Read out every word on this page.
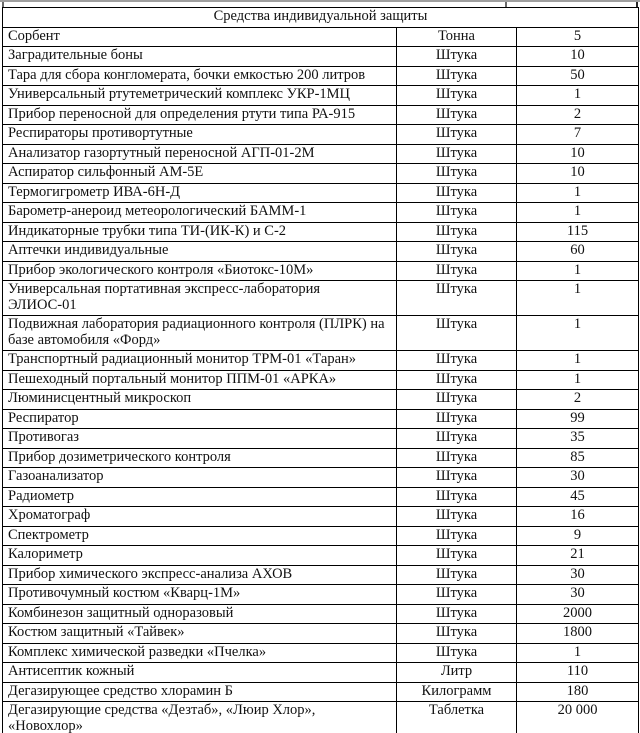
Средства индивидуальной защиты		
Сорбент	Тонна	5
Заградительные боны	Штука	10
Тара для сбора конгломерата, бочки емкостью 200 литров	Штука	50
Универсальный ртутеметрический комплекс УКР-1МЦ	Штука	1
Прибор переносной для определения ртути типа РА-915	Штука	2
Респираторы противортутные	Штука	7
Анализатор газортутный переносной АГП-01-2М	Штука	10
Аспиратор сильфонный АМ-5Е	Штука	10
Термогигрометр ИВА-6Н-Д	Штука	1
Барометр-анероид метеорологический БАММ-1	Штука	1
Индикаторные трубки типа ТИ-(ИК-К) и С-2	Штука	115
Аптечки индивидуальные	Штука	60
Прибор экологического контроля «Биотокс-10М»	Штука	1
Универсальная портативная экспресс-лаборатория ЭЛИОС-01	Штука	1
Подвижная лаборатория радиационного контроля (ПЛРК) на базе автомобиля «Форд»	Штука	1
Транспортный радиационный монитор ТРМ-01 «Таран»	Штука	1
Пешеходный портальный монитор ППМ-01 «АРКА»	Штука	1
Люминисцентный микроскоп	Штука	2
Респиратор	Штука	99
Противогаз	Штука	35
Прибор дозиметрического контроля	Штука	85
Газоанализатор	Штука	30
Радиометр	Штука	45
Хроматограф	Штука	16
Спектрометр	Штука	9
Калориметр	Штука	21
Прибор химического экспресс-анализа АХОВ	Штука	30
Противочумный костюм «Кварц-1М»	Штука	30
Комбинезон защитный одноразовый	Штука	2000
Костюм защитный «Тайвек»	Штука	1800
Комплекс химической разведки «Пчелка»	Штука	1
Антисептик кожный	Литр	110
Дегазирующее средство хлорамин Б	Килограмм	180
Дегазирующие средства «Дезтаб», «Люир Хлор», «Новохлор»	Таблетка	20 000
